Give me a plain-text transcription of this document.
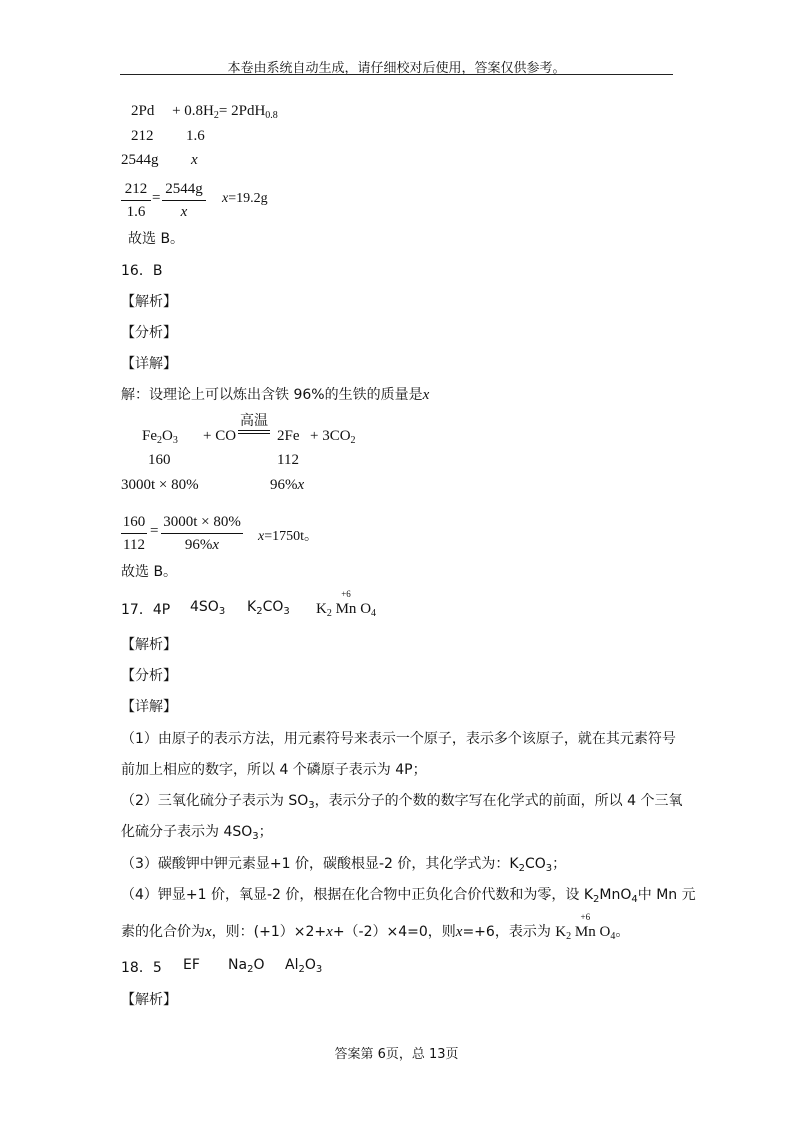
本卷由系统自动生成，请仔细校对后使用，答案仅供参考。
$2Pd + 0.8H_2= 2PdH_{0.8}$
212 1.6
2544g x
212
1.6
=
2544g
x
x=19.2g
故选 B。
16．B
【解析】
【分析】
【详解】
解：设理论上可以炼出含铁 96%的生铁的质量是x
$Fe_2O_3$ + CO
高温
$2Fe + 3CO_2$
160	112
3000t × 80%	96%x
160
112
=
3000t × 80%
96%x
x=1750t。
故选 B。
17．4P $4SO_3$ $K_2CO_3$ $K_2$
+6
Mn $O_4$
【解析】
【分析】
【详解】
（1）由原子的表示方法，用元素符号来表示一个原子，表示多个该原子，就在其元素符号
前加上相应的数字，所以 4 个磷原子表示为 4P；
（2）三氧化硫分子表示为 $SO_3$，表示分子的个数的数字写在化学式的前面，所以 4 个三氧
化硫分子表示为 $4SO_3$；
（3）碳酸钾中钾元素显+1 价，碳酸根显-2 价，其化学式为：$K_2CO_3$；
（4）钾显+1 价，氧显-2 价，根据在化合物中正负化合价代数和为零，设 $K_2MnO_4$中 Mn 元
素的化合价为x，则：(+1）×2+x+（-2）×4=0，则x=+6，表示为 $K_2$
+6
Mn $O_4$。
18．5 EF $Na_2O$ $Al_2O_3$
【解析】
答案第 6页，总 13页
